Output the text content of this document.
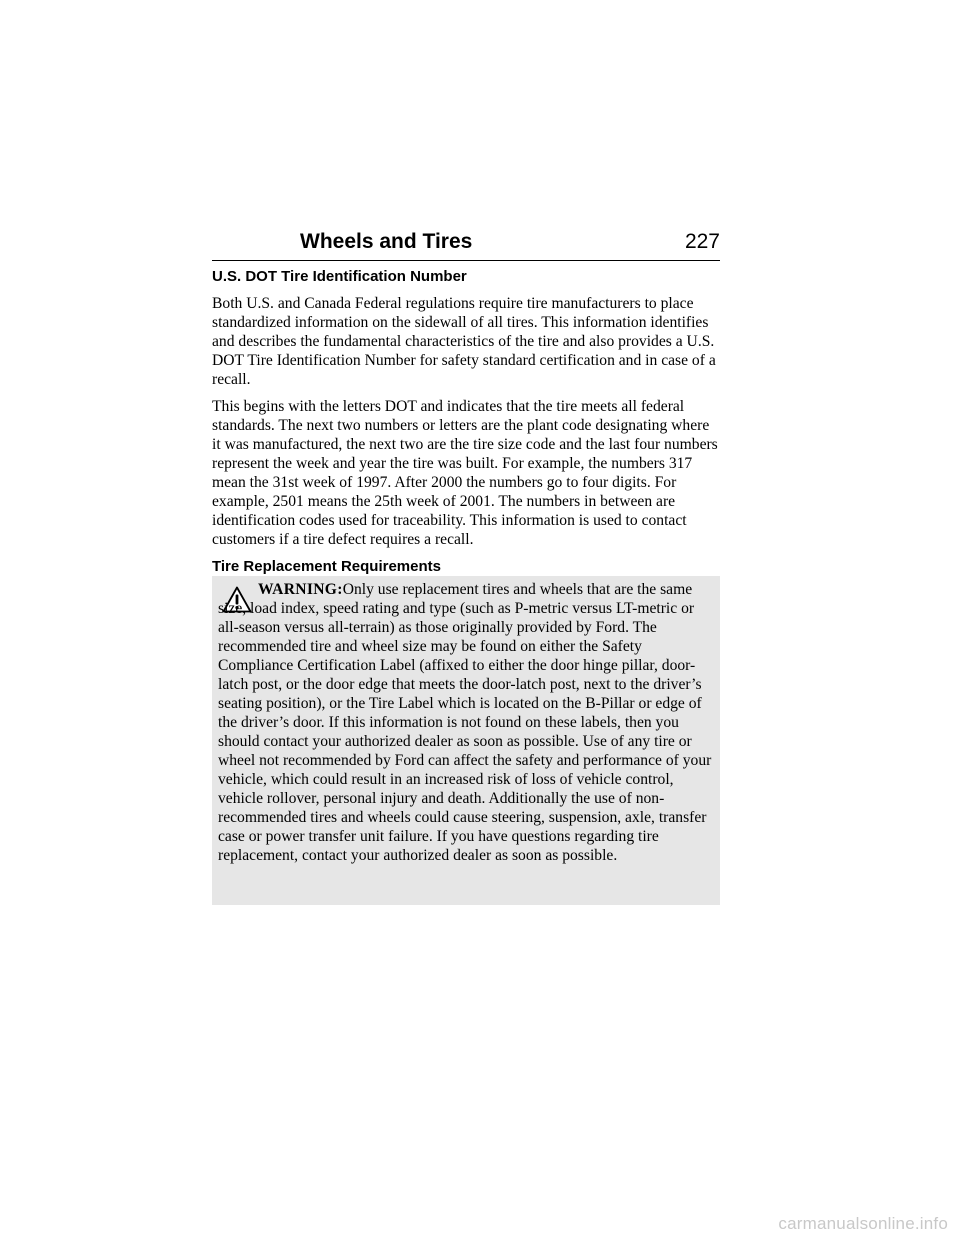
Wheels and Tires	227
U.S. DOT Tire Identification Number

Both U.S. and Canada Federal regulations require tire manufacturers to place standardized information on the sidewall of all tires. This information identifies and describes the fundamental characteristics of the tire and also provides a U.S. DOT Tire Identification Number for safety standard certification and in case of a recall.

This begins with the letters DOT and indicates that the tire meets all federal standards. The next two numbers or letters are the plant code designating where it was manufactured, the next two are the tire size code and the last four numbers represent the week and year the tire was built. For example, the numbers 317 mean the 31st week of 1997. After 2000 the numbers go to four digits. For example, 2501 means the 25th week of 2001. The numbers in between are identification codes used for traceability. This information is used to contact customers if a tire defect requires a recall.

Tire Replacement Requirements
WARNING:Only use replacement tires and wheels that are the same size, load index, speed rating and type (such as P-metric versus LT-metric or all-season versus all-terrain) as those originally provided by Ford. The recommended tire and wheel size may be found on either the Safety Compliance Certification Label (affixed to either the door hinge pillar, door-latch post, or the door edge that meets the door-latch post, next to the driver’s seating position), or the Tire Label which is located on the B-Pillar or edge of the driver’s door. If this information is not found on these labels, then you should contact your authorized dealer as soon as possible. Use of any tire or wheel not recommended by Ford can affect the safety and performance of your vehicle, which could result in an increased risk of loss of vehicle control, vehicle rollover, personal injury and death. Additionally the use of non-recommended tires and wheels could cause steering, suspension, axle, transfer case or power transfer unit failure. If you have questions regarding tire replacement, contact your authorized dealer as soon as possible.
carmanualsonline.info
